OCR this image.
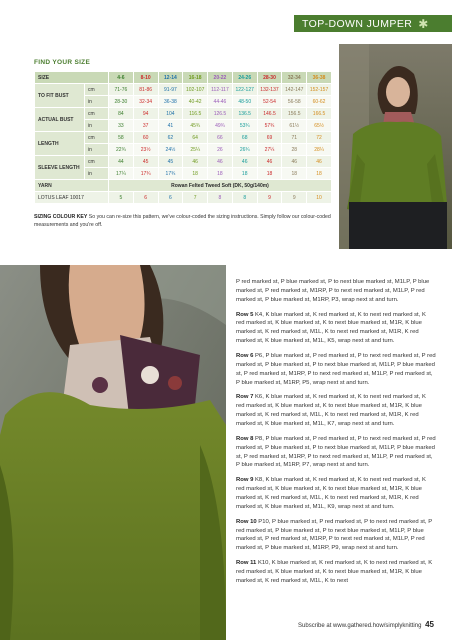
TOP-DOWN JUMPER ✱
FIND YOUR SIZE
SIZE		4-6	8-10	12-14	16-18	20-22	24-26	28-30	32-34	36-38
TO FIT BUST	cm	71-76	81-86	91-97	102-107	112-117	122-127	132-137	142-147	152-157
	in	28-30	32-34	36-38	40-42	44-46	48-50	52-54	56-58	60-62
ACTUAL BUST	cm	84	94	104	116.5	126.5	136.5	146.5	156.5	166.5
	in	33	37	41	45¾	49¾	53¾	57¾	61½	65½
LENGTH	cm	58	60	62	64	66	68	69	71	72
	in	22¾	23½	24½	25¼	26	26¾	27¼	28	28¼
SLEEVE LENGTH	cm	44	45	45	46	46	46	46	46	46
	in	17¼	17¾	17¾	18	18	18	18	18	18
YARN		Rowan Felted Tweed Soft (DK, 50g/140m)								
LOTUS LEAF 10017		5	6	6	7	8	8	9	9	10
SIZING COLOUR KEY So you can re-size this pattern, we've colour-coded the sizing instructions. Simply follow our colour-coded measurements and you're off.

P red marked st, P blue marked st, P to next blue marked st, M1LP, P blue marked st, P red marked st, M1RP, P to next red marked st, M1LP, P red marked st, P blue marked st, M1RP, P3, wrap next st and turn.

Row 5 K4, K blue marked st, K red marked st, K to next red marked st, K red marked st, K blue marked st, K to next blue marked st, M1R, K blue marked st, K red marked st, M1L, K to next red marked st, M1R, K red marked st, K blue marked st, M1L, K5, wrap next st and turn.

Row 6 P6, P blue marked st, P red marked st, P to next red marked st, P red marked st, P blue marked st, P to next blue marked st, M1LP, P blue marked st, P red marked st, M1RP, P to next red marked st, M1LP, P red marked st, P blue marked st, M1RP, P5, wrap next st and turn.

Row 7 K6, K blue marked st, K red marked st, K to next red marked st, K red marked st, K blue marked st, K to next blue marked st, M1R, K blue marked st, K red marked st, M1L, K to next red marked st, M1R, K red marked st, K blue marked st, M1L, K7, wrap next st and turn.

Row 8 P8, P blue marked st, P red marked st, P to next red marked st, P red marked st, P blue marked st, P to next blue marked st, M1LP, P blue marked st, P red marked st, M1RP, P to next red marked st, M1LP, P red marked st, P blue marked st, M1RP, P7, wrap next st and turn.

Row 9 K8, K blue marked st, K red marked st, K to next red marked st, K red marked st, K blue marked st, K to next blue marked st, M1R, K blue marked st, K red marked st, M1L, K to next red marked st, M1R, K red marked st, K blue marked st, M1L, K9, wrap next st and turn.

Row 10 P10, P blue marked st, P red marked st, P to next red marked st, P red marked st, P blue marked st, P to next blue marked st, M1LP, P blue marked st, P red marked st, M1RP, P to next red marked st, M1LP, P red marked st, P blue marked st, M1RP, P9, wrap next st and turn.

Row 11 K10, K blue marked st, K red marked st, K to next red marked st, K red marked st, K blue marked st, K to next blue marked st, M1R, K blue marked st, K red marked st, M1L, K to next

Subscribe at www.gathered.how/simplyknitting 45
